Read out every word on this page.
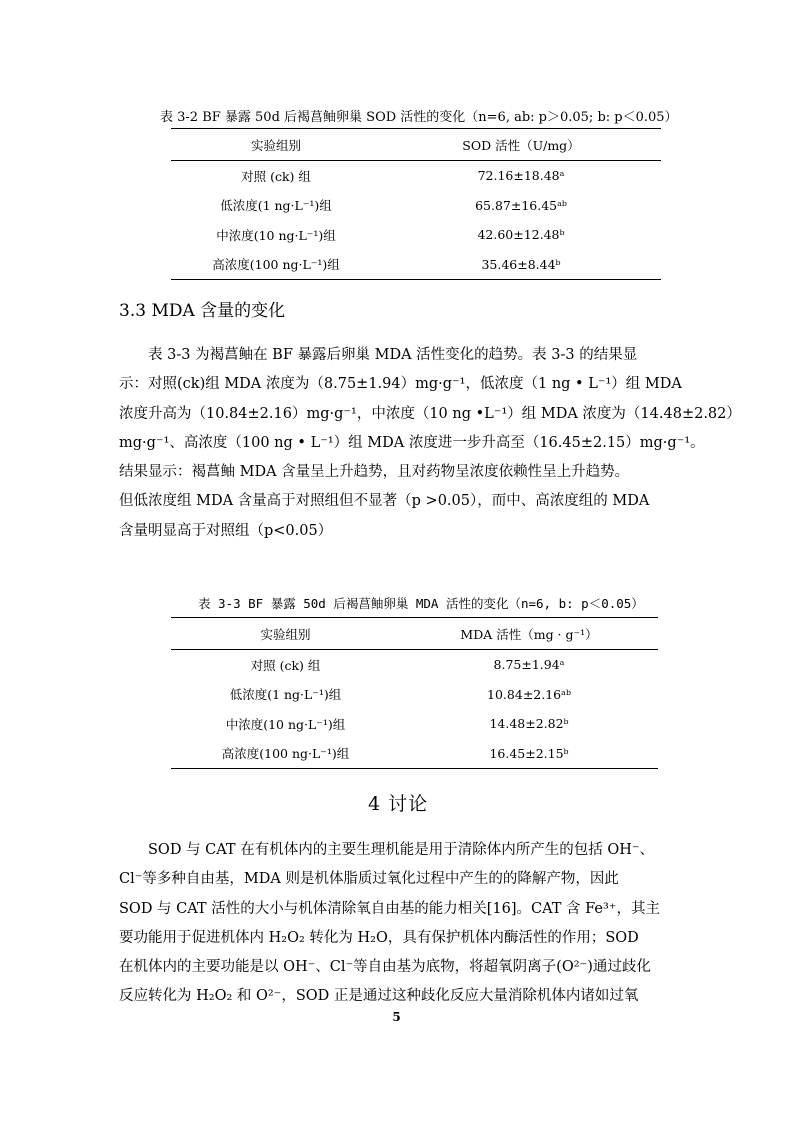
表 3-2 BF 暴露 50d 后褐菖鲉卵巢 SOD 活性的变化（n=6, ab: p＞0.05; b: p＜0.05）
实验组别	SOD 活性（U/mg）
对照 (ck) 组	72.16±18.48ᵃ
低浓度(1 ng·L⁻¹)组	65.87±16.45ᵃᵇ
中浓度(10 ng·L⁻¹)组	42.60±12.48ᵇ
高浓度(100 ng·L⁻¹)组	35.46±8.44ᵇ
3.3 MDA 含量的变化

　　表 3-3 为褐菖鲉在 BF 暴露后卵巢 MDA 活性变化的趋势。表 3-3 的结果显

示：对照(ck)组 MDA 浓度为（8.75±1.94）mg·g⁻¹，低浓度（1 ng • L⁻¹）组 MDA

浓度升高为（10.84±2.16）mg·g⁻¹，中浓度（10 ng •L⁻¹）组 MDA 浓度为（14.48±2.82）

mg·g⁻¹、高浓度（100 ng • L⁻¹）组 MDA 浓度进一步升高至（16.45±2.15）mg·g⁻¹。

结果显示：褐菖鲉 MDA 含量呈上升趋势，且对药物呈浓度依赖性呈上升趋势。

但低浓度组 MDA 含量高于对照组但不显著（p >0.05），而中、高浓度组的 MDA

含量明显高于对照组（p<0.05）

表 3-3 BF 暴露 50d 后褐菖鲉卵巢 MDA 活性的变化（n=6, b: p＜0.05）
实验组别	MDA 活性（mg · g⁻¹）
对照 (ck) 组	8.75±1.94ᵃ
低浓度(1 ng·L⁻¹)组	10.84±2.16ᵃᵇ
中浓度(10 ng·L⁻¹)组	14.48±2.82ᵇ
高浓度(100 ng·L⁻¹)组	16.45±2.15ᵇ
4 讨论

　　SOD 与 CAT 在有机体内的主要生理机能是用于清除体内所产生的包括 OH⁻、

Cl⁻等多种自由基，MDA 则是机体脂质过氧化过程中产生的的降解产物，因此

SOD 与 CAT 活性的大小与机体清除氧自由基的能力相关[16]。CAT 含 Fe³⁺，其主

要功能用于促进机体内 H₂O₂ 转化为 H₂O，具有保护机体内酶活性的作用；SOD

在机体内的主要功能是以 OH⁻、Cl⁻等自由基为底物，将超氧阴离子(O²⁻)通过歧化

反应转化为 H₂O₂ 和 O²⁻，SOD 正是通过这种歧化反应大量消除机体内诸如过氧

5
